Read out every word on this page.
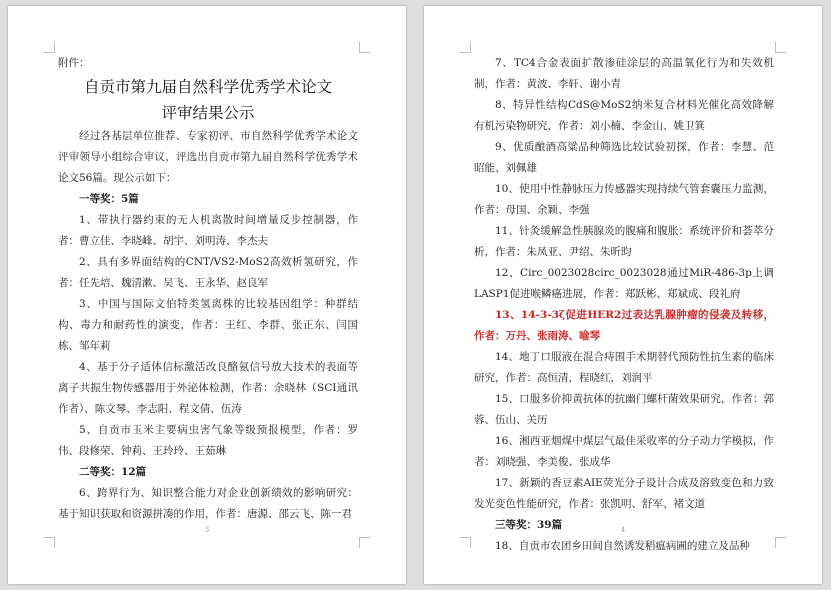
附件：

自贡市第九届自然科学优秀学术论文

评审结果公示

经过各基层单位推荐、专家初评、市自然科学优秀学术论文评审领导小组综合审议，评选出自贡市第九届自然科学优秀学术论文56篇。现公示如下：

一等奖：5篇

1、带执行器约束的无人机离散时间增量反步控制器，作者：曹立佳、李晓峰、胡宇、刘明涛、李杰夫

2、具有多界面结构的CNT/VS2-MoS2高效析氢研究，作者：任先培、魏清漱、吴飞、王永华、赵良军

3、中国与国际文伯特类氢离株的比较基因组学：种群结构、毒力和耐药性的演变，作者：王红、李群、张正东、闫国栋、邹年莉

4、基于分子适体信标激活改良酪氨信号放大技术的表面等离子共振生物传感器用于外泌体检测，作者：余晓林（SCI通讯作者）、陈文琴、李志阳、程文倩、伍涛

5、自贡市玉米主要病虫害气象等级预报模型，作者：罗伟、段修荣、钟莉、王玲玲、王茹琳

二等奖：12篇

6、跨界行为、知识整合能力对企业创新绩效的影响研究：基于知识获取和资源拼凑的作用，作者：唐源、邵云飞、陈一君

3

7、TC4合金表面扩散渗硅涂层的高温氧化行为和失效机制，作者：黄波、李轩、谢小青

8、特异性结构CdS@MoS2纳米复合材料光催化高效降解有机污染物研究，作者：刘小楠、李金山、姚卫箕

9、优质酿酒高粱品种筛选比较试验初探，作者：李慧、范昭能、刘佩雄

10、使用中性静脉压力传感器实现持续气管套囊压力监测，作者：母国、余颖、李强

11、针灸缓解急性胰腺炎的腹痛和腹胀：系统评价和荟萃分析，作者：朱凤亚、尹绍、朱昕昀

12、Circ_0023028circ_0023028通过MiR-486-3p上调LASP1促进喉鳞癌进展，作者：郑跃彬、郑斌成、段礼府

13、14-3-3ζ促进HER2过表达乳腺肿瘤的侵袭及转移，作者：万丹、张雨涛、喻琴

14、地丁口服液在混合痔围手术期替代预防性抗生素的临床研究，作者：高恒清，程晓红，刘润平

15、口服多价抑黄抗体的抗幽门螺杆菌效果研究，作者：郭蓉、伍山、关历

16、湘西亚烟煤中煤层气最佳采收率的分子动力学模拟，作者：刘晓强、李美俊、张成华

17、新颖的香豆素AIE荧光分子设计合成及溶致变色和力致发光变色性能研究，作者：张凯明、舒军、褚文道

三等奖：39篇

18、自贡市农团乡田间自然诱发稻瘟病圃的建立及品种

4
